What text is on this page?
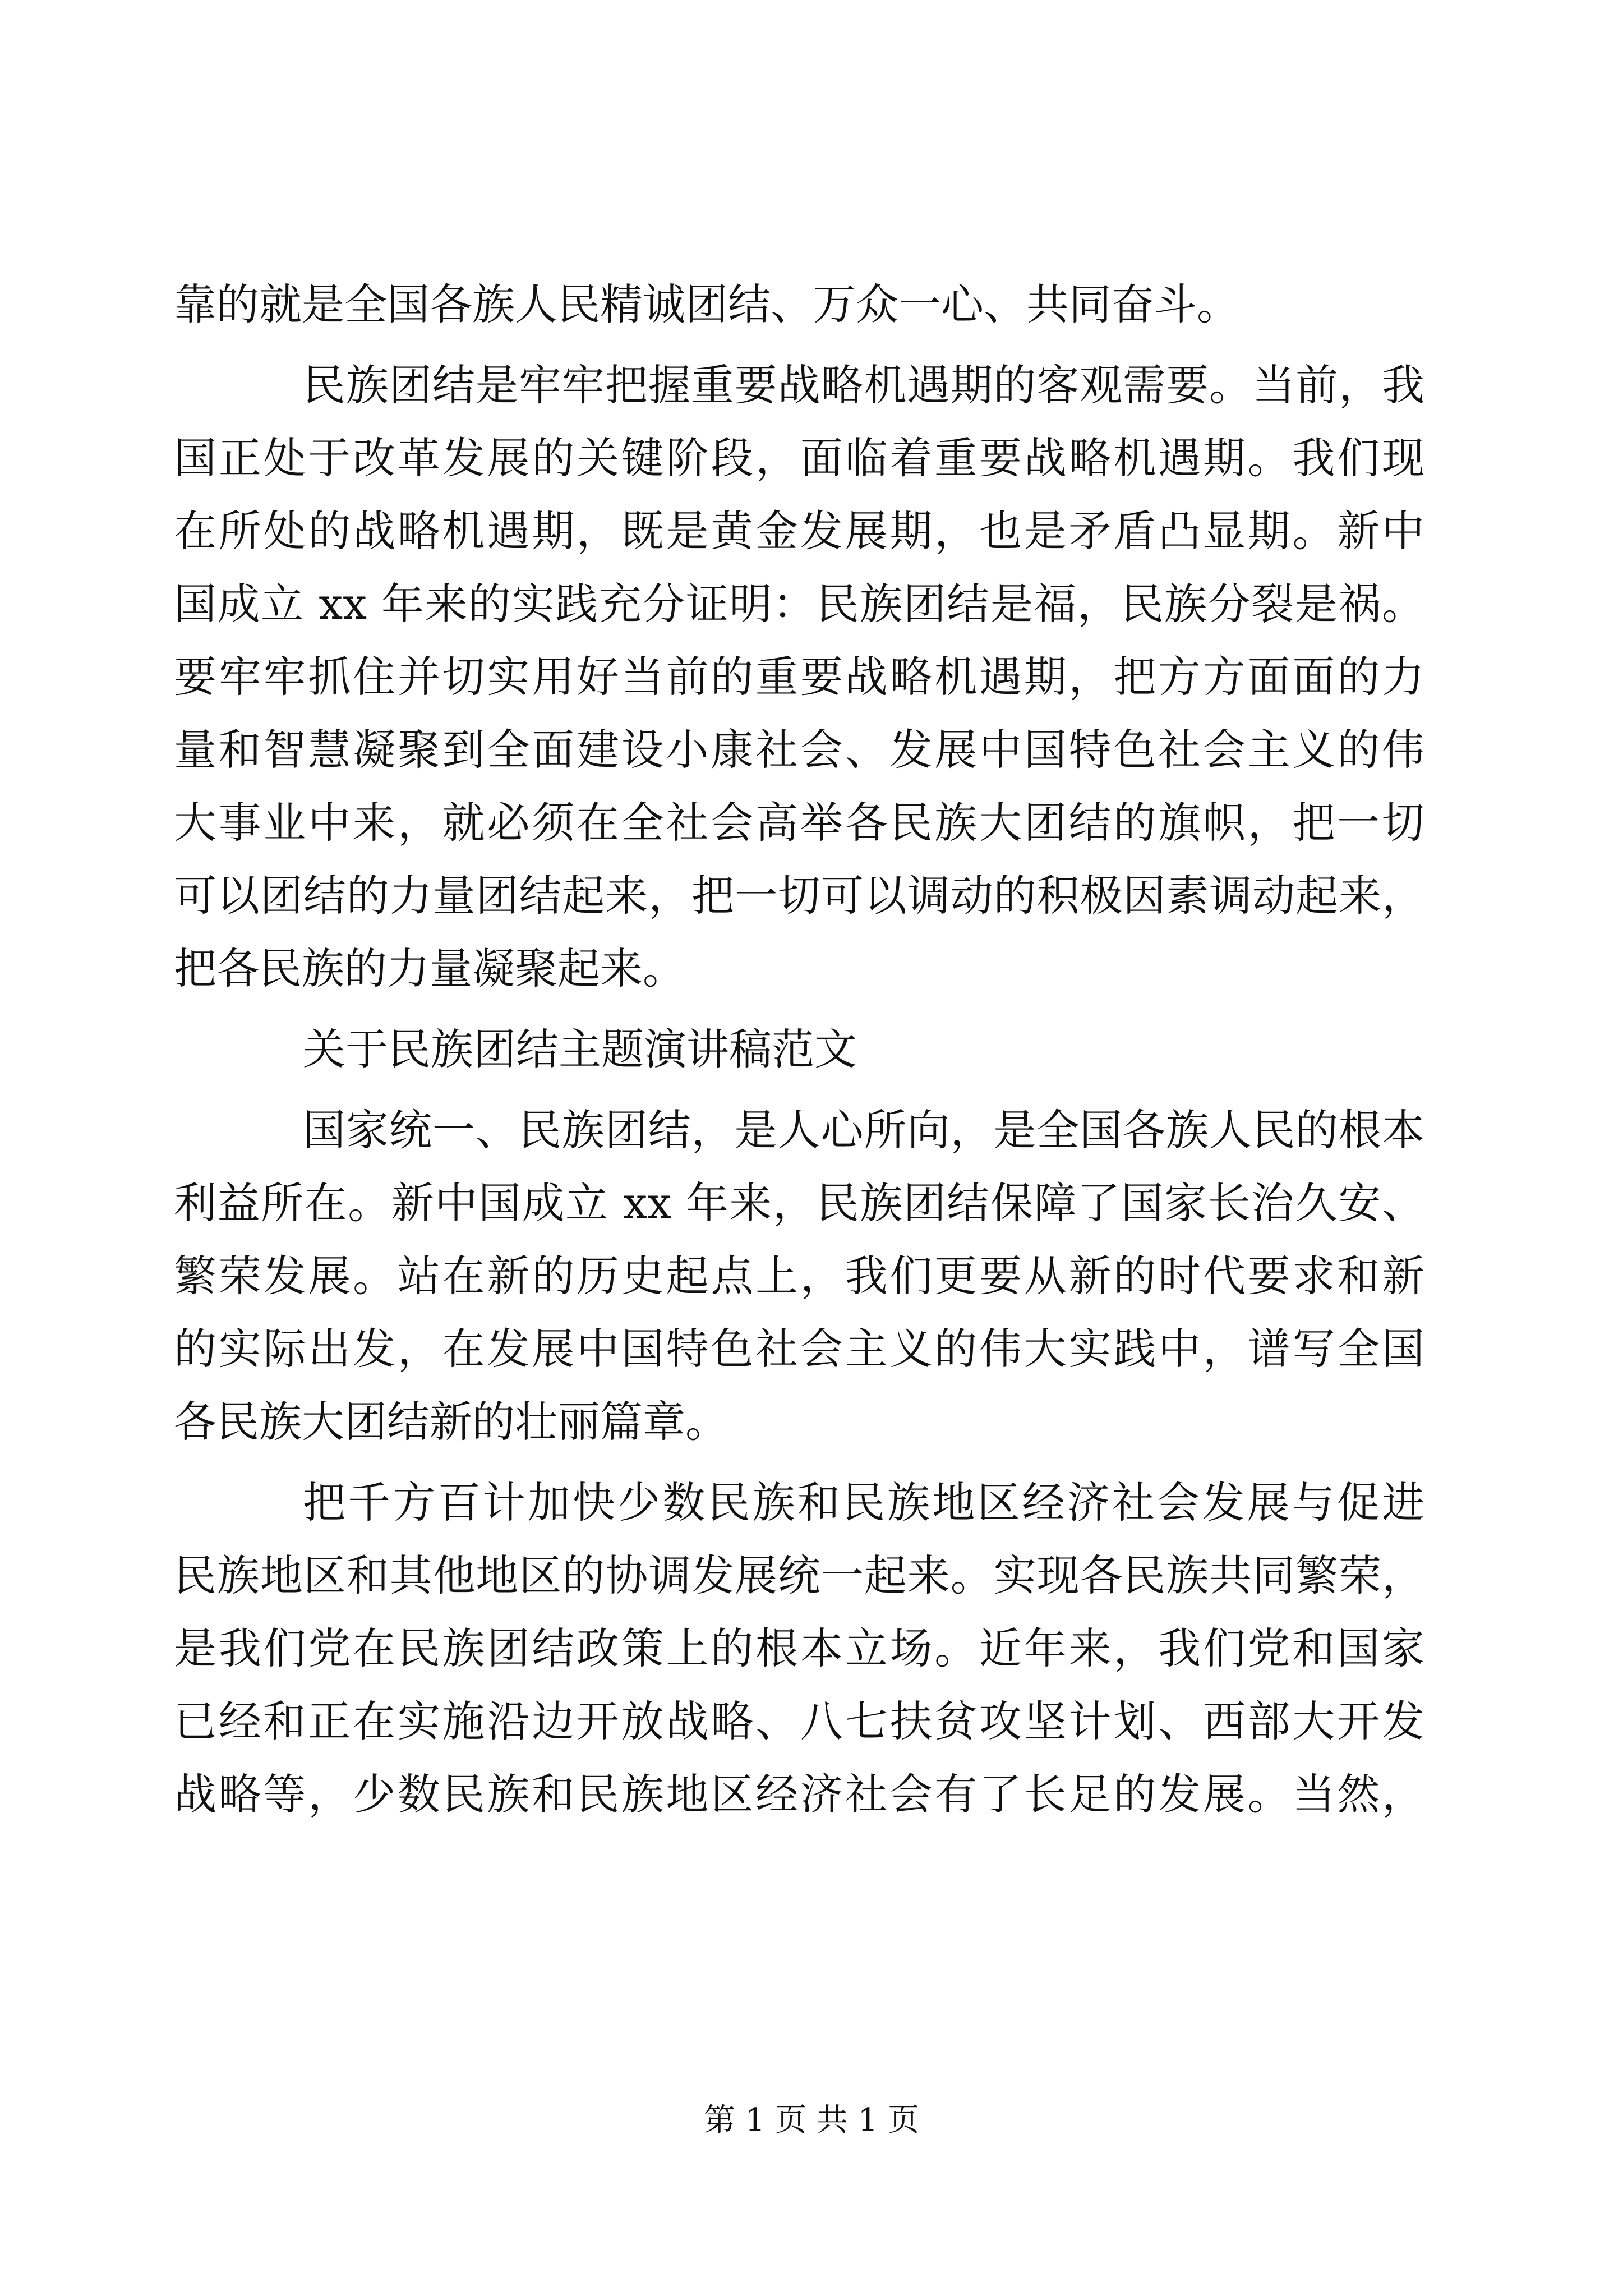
靠的就是全国各族人民精诚团结、万众一心、共同奋斗。
民族团结是牢牢把握重要战略机遇期的客观需要。当前，我
国正处于改革发展的关键阶段，面临着重要战略机遇期。我们现
在所处的战略机遇期，既是黄金发展期，也是矛盾凸显期。新中
国成立 xx 年来的实践充分证明：民族团结是福，民族分裂是祸。
要牢牢抓住并切实用好当前的重要战略机遇期，把方方面面的力
量和智慧凝聚到全面建设小康社会、发展中国特色社会主义的伟
大事业中来，就必须在全社会高举各民族大团结的旗帜，把一切
可以团结的力量团结起来，把一切可以调动的积极因素调动起来，
把各民族的力量凝聚起来。
关于民族团结主题演讲稿范文
国家统一、民族团结，是人心所向，是全国各族人民的根本
利益所在。新中国成立 xx 年来，民族团结保障了国家长治久安、
繁荣发展。站在新的历史起点上，我们更要从新的时代要求和新
的实际出发，在发展中国特色社会主义的伟大实践中，谱写全国
各民族大团结新的壮丽篇章。
把千方百计加快少数民族和民族地区经济社会发展与促进
民族地区和其他地区的协调发展统一起来。实现各民族共同繁荣，
是我们党在民族团结政策上的根本立场。近年来，我们党和国家
已经和正在实施沿边开放战略、八七扶贫攻坚计划、西部大开发
战略等，少数民族和民族地区经济社会有了长足的发展。当然，
第 1 页 共 1 页
